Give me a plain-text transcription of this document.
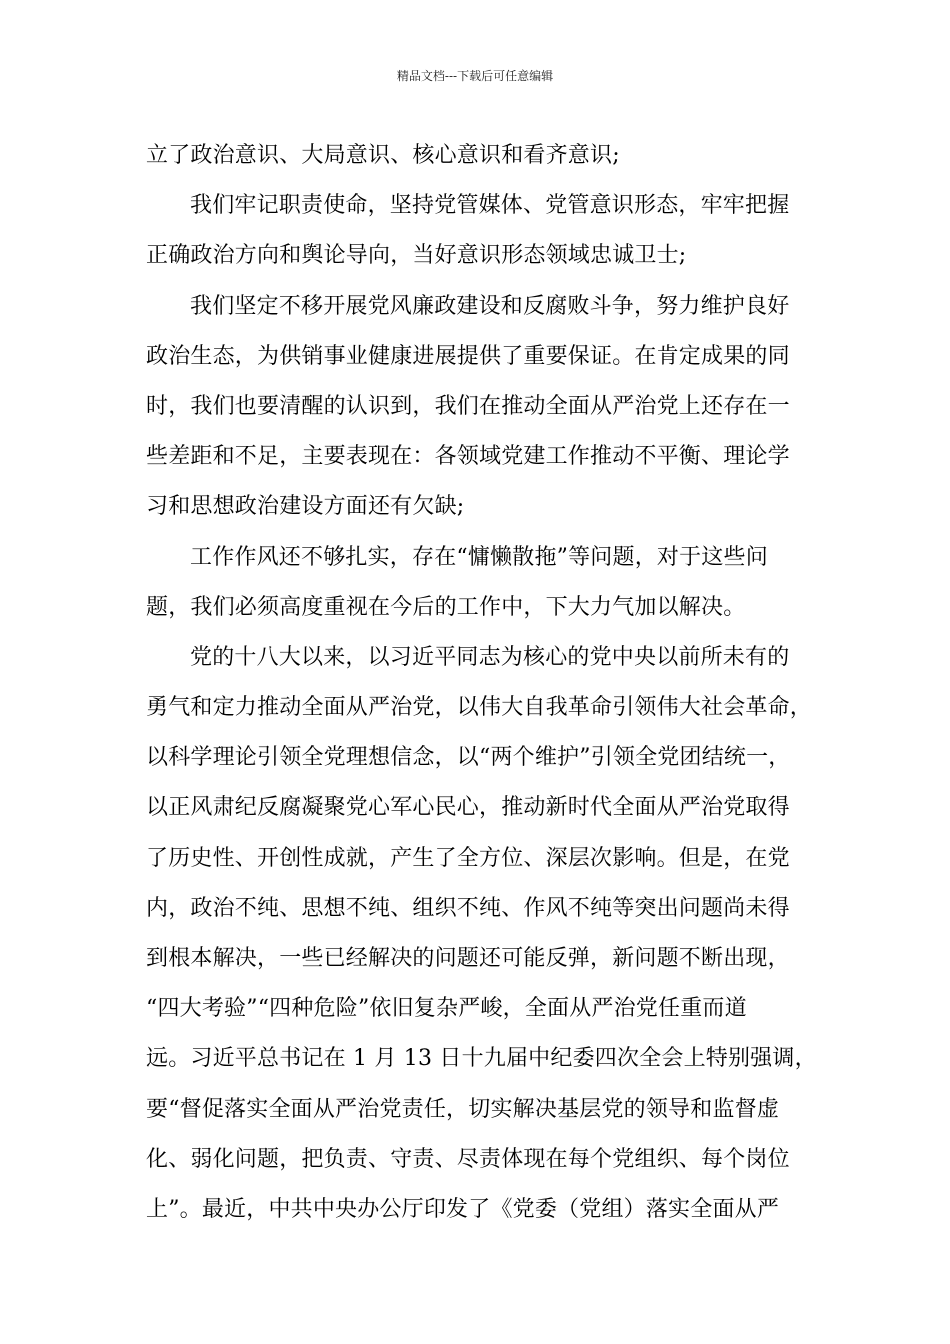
精品文档---下载后可任意编辑
立了政治意识、大局意识、核心意识和看齐意识;
我们牢记职责使命，坚持党管媒体、党管意识形态，牢牢把握
正确政治方向和舆论导向，当好意识形态领域忠诚卫士;
我们坚定不移开展党风廉政建设和反腐败斗争，努力维护良好
政治生态，为供销事业健康进展提供了重要保证。在肯定成果的同
时，我们也要清醒的认识到，我们在推动全面从严治党上还存在一
些差距和不足，主要表现在：各领域党建工作推动不平衡、理论学
习和思想政治建设方面还有欠缺;
工作作风还不够扎实，存在“慵懒散拖”等问题，对于这些问
题，我们必须高度重视在今后的工作中，下大力气加以解决。
党的十八大以来，以习近平同志为核心的党中央以前所未有的
勇气和定力推动全面从严治党，以伟大自我革命引领伟大社会革命，
以科学理论引领全党理想信念，以“两个维护”引领全党团结统一，
以正风肃纪反腐凝聚党心军心民心，推动新时代全面从严治党取得
了历史性、开创性成就，产生了全方位、深层次影响。但是，在党
内，政治不纯、思想不纯、组织不纯、作风不纯等突出问题尚未得
到根本解决，一些已经解决的问题还可能反弹，新问题不断出现，
“四大考验”“四种危险”依旧复杂严峻，全面从严治党任重而道
远。习近平总书记在 1 月 13 日十九届中纪委四次全会上特别强调，
要“督促落实全面从严治党责任，切实解决基层党的领导和监督虚
化、弱化问题，把负责、守责、尽责体现在每个党组织、每个岗位
上”。最近，中共中央办公厅印发了《党委（党组）落实全面从严
